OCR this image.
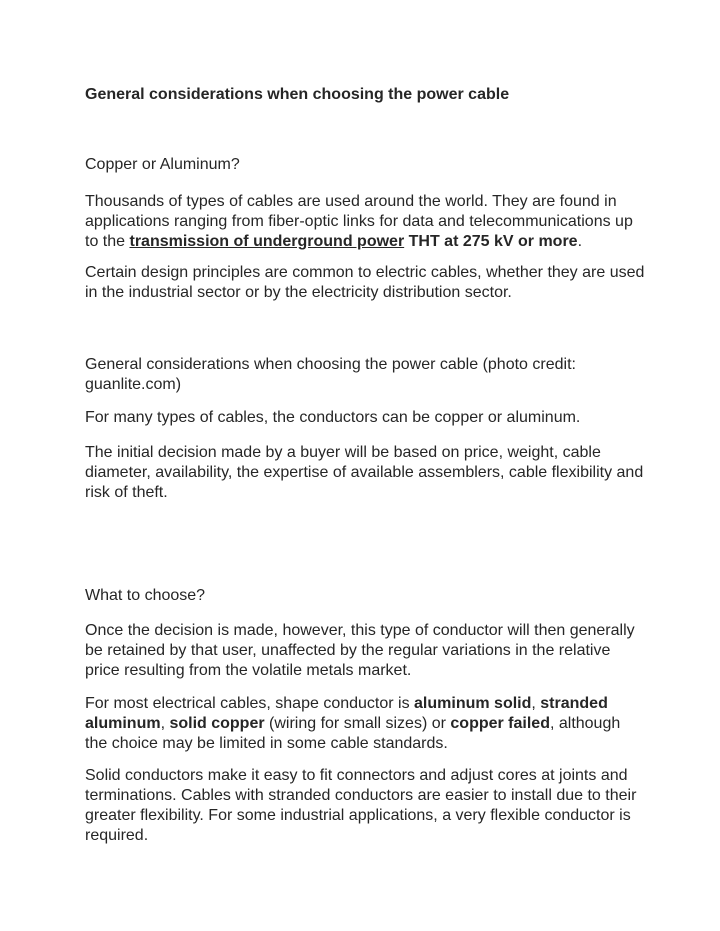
General considerations when choosing the power cable

Copper or Aluminum?

Thousands of types of cables are used around the world. They are found in applications ranging from fiber-optic links for data and telecommunications up to the transmission of underground power THT at 275 kV or more.

Certain design principles are common to electric cables, whether they are used in the industrial sector or by the electricity distribution sector.

General considerations when choosing the power cable (photo credit: guanlite.com)

For many types of cables, the conductors can be copper or aluminum.

The initial decision made by a buyer will be based on price, weight, cable diameter, availability, the expertise of available assemblers, cable flexibility and risk of theft.

What to choose?

Once the decision is made, however, this type of conductor will then generally be retained by that user, unaffected by the regular variations in the relative price resulting from the volatile metals market.

For most electrical cables, shape conductor is aluminum solid, stranded aluminum, solid copper (wiring for small sizes) or copper failed, although the choice may be limited in some cable standards.

Solid conductors make it easy to fit connectors and adjust cores at joints and terminations. Cables with stranded conductors are easier to install due to their greater flexibility. For some industrial applications, a very flexible conductor is required.
